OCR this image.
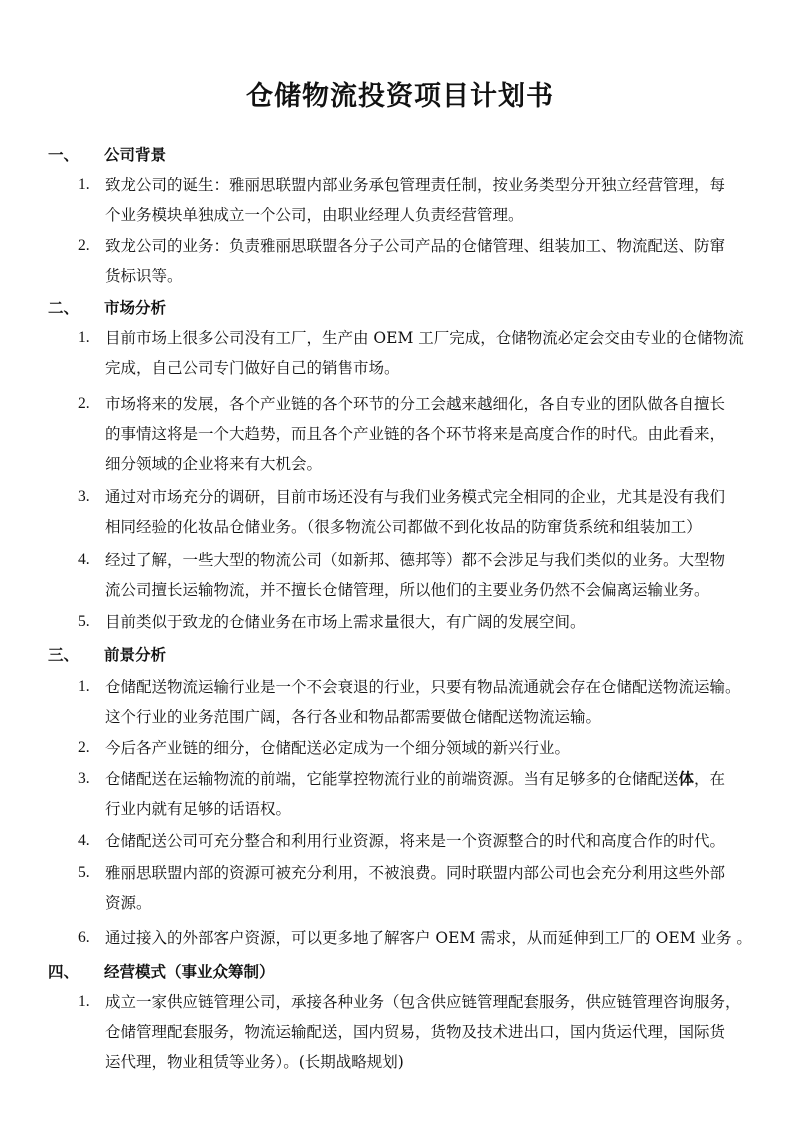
仓储物流投资项目计划书
一、 公司背景
1. 致龙公司的诞生：雅丽思联盟内部业务承包管理责任制，按业务类型分开独立经营管理，每
个业务模块单独成立一个公司，由职业经理人负责经营管理。
2. 致龙公司的业务：负责雅丽思联盟各分子公司产品的仓储管理、组装加工、物流配送、防窜
货标识等。
二、 市场分析
1. 目前市场上很多公司没有工厂，生产由 OEM 工厂完成，仓储物流必定会交由专业的仓储物流
完成，自己公司专门做好自己的销售市场。
2. 市场将来的发展，各个产业链的各个环节的分工会越来越细化，各自专业的团队做各自擅长
的事情这将是一个大趋势，而且各个产业链的各个环节将来是高度合作的时代。由此看来，
细分领域的企业将来有大机会。
3. 通过对市场充分的调研，目前市场还没有与我们业务模式完全相同的企业，尤其是没有我们
相同经验的化妆品仓储业务。（很多物流公司都做不到化妆品的防窜货系统和组装加工）
4. 经过了解，一些大型的物流公司（如新邦、德邦等）都不会涉足与我们类似的业务。大型物
流公司擅长运输物流，并不擅长仓储管理，所以他们的主要业务仍然不会偏离运输业务。
5. 目前类似于致龙的仓储业务在市场上需求量很大，有广阔的发展空间。
三、 前景分析
1. 仓储配送物流运输行业是一个不会衰退的行业，只要有物品流通就会存在仓储配送物流运输。
这个行业的业务范围广阔，各行各业和物品都需要做仓储配送物流运输。
2. 今后各产业链的细分，仓储配送必定成为一个细分领域的新兴行业。
3. 仓储配送在运输物流的前端，它能掌控物流行业的前端资源。当有足够多的仓储配送体，在
行业内就有足够的话语权。
4. 仓储配送公司可充分整合和利用行业资源，将来是一个资源整合的时代和高度合作的时代。
5. 雅丽思联盟内部的资源可被充分利用，不被浪费。同时联盟内部公司也会充分利用这些外部
资源。
6. 通过接入的外部客户资源，可以更多地了解客户 OEM 需求，从而延伸到工厂的 OEM 业务 。
四、 经营模式（事业众筹制）
1. 成立一家供应链管理公司，承接各种业务（包含供应链管理配套服务，供应链管理咨询服务，
仓储管理配套服务，物流运输配送，国内贸易，货物及技术进出口，国内货运代理，国际货
运代理，物业租赁等业务）。(长期战略规划)
